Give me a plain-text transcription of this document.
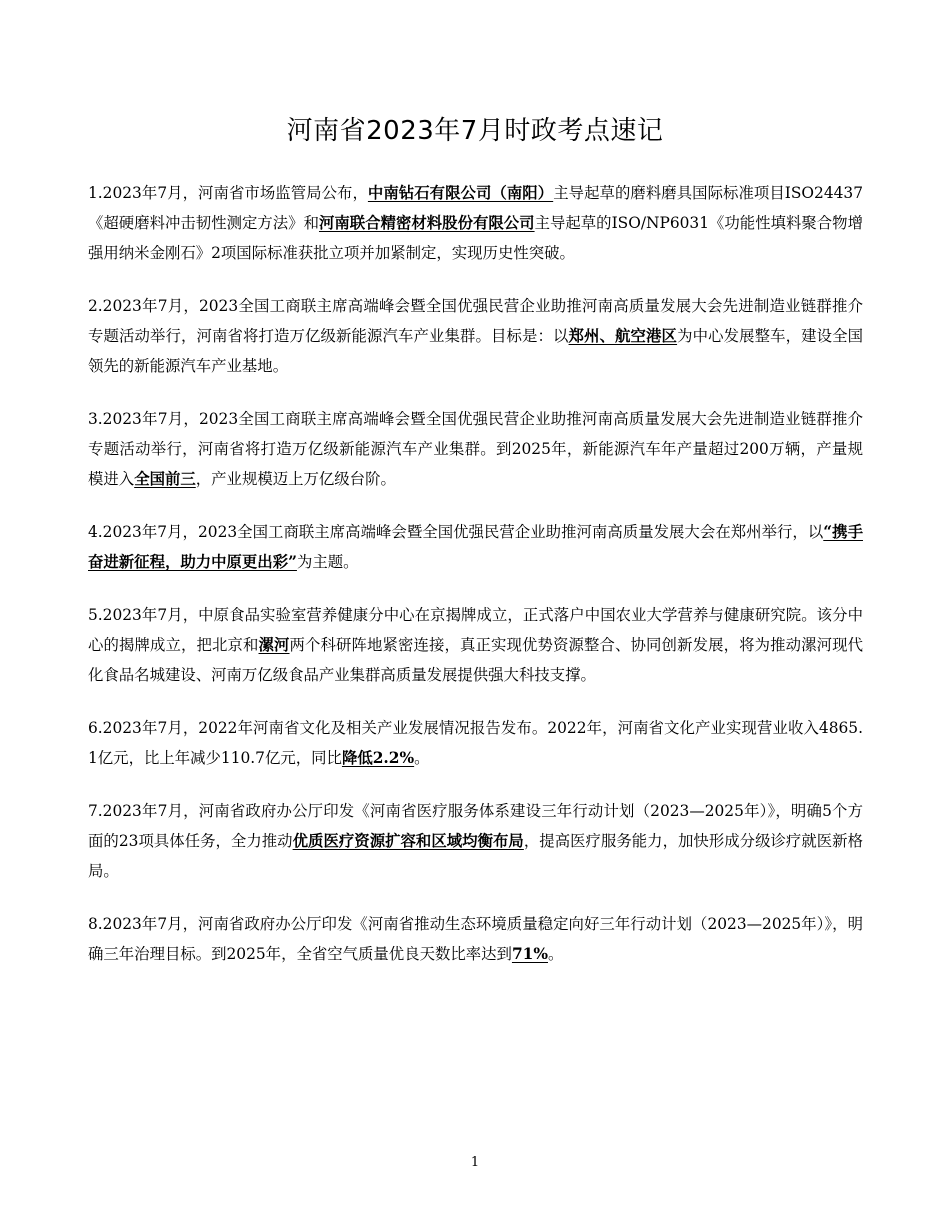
河南省2023年7月时政考点速记

1.2023年7月，河南省市场监管局公布，中南钻石有限公司（南阳）主导起草的磨料磨具国际标准项目ISO24437《超硬磨料冲击韧性测定方法》和河南联合精密材料股份有限公司主导起草的ISO/NP6031《功能性填料聚合物增强用纳米金刚石》2项国际标准获批立项并加紧制定，实现历史性突破。

2.2023年7月，2023全国工商联主席高端峰会暨全国优强民营企业助推河南高质量发展大会先进制造业链群推介专题活动举行，河南省将打造万亿级新能源汽车产业集群。目标是：以郑州、航空港区为中心发展整车，建设全国领先的新能源汽车产业基地。

3.2023年7月，2023全国工商联主席高端峰会暨全国优强民营企业助推河南高质量发展大会先进制造业链群推介专题活动举行，河南省将打造万亿级新能源汽车产业集群。到2025年，新能源汽车年产量超过200万辆，产量规模进入全国前三，产业规模迈上万亿级台阶。

4.2023年7月，2023全国工商联主席高端峰会暨全国优强民营企业助推河南高质量发展大会在郑州举行，以“携手奋进新征程，助力中原更出彩”为主题。

5.2023年7月，中原食品实验室营养健康分中心在京揭牌成立，正式落户中国农业大学营养与健康研究院。该分中心的揭牌成立，把北京和漯河两个科研阵地紧密连接，真正实现优势资源整合、协同创新发展，将为推动漯河现代化食品名城建设、河南万亿级食品产业集群高质量发展提供强大科技支撑。

6.2023年7月，2022年河南省文化及相关产业发展情况报告发布。2022年，河南省文化产业实现营业收入4865.1亿元，比上年减少110.7亿元，同比降低2.2%。

7.2023年7月，河南省政府办公厅印发《河南省医疗服务体系建设三年行动计划（2023—2025年）》，明确5个方面的23项具体任务，全力推动优质医疗资源扩容和区域均衡布局，提高医疗服务能力，加快形成分级诊疗就医新格局。

8.2023年7月，河南省政府办公厅印发《河南省推动生态环境质量稳定向好三年行动计划（2023—2025年）》，明确三年治理目标。到2025年，全省空气质量优良天数比率达到71%。

1
